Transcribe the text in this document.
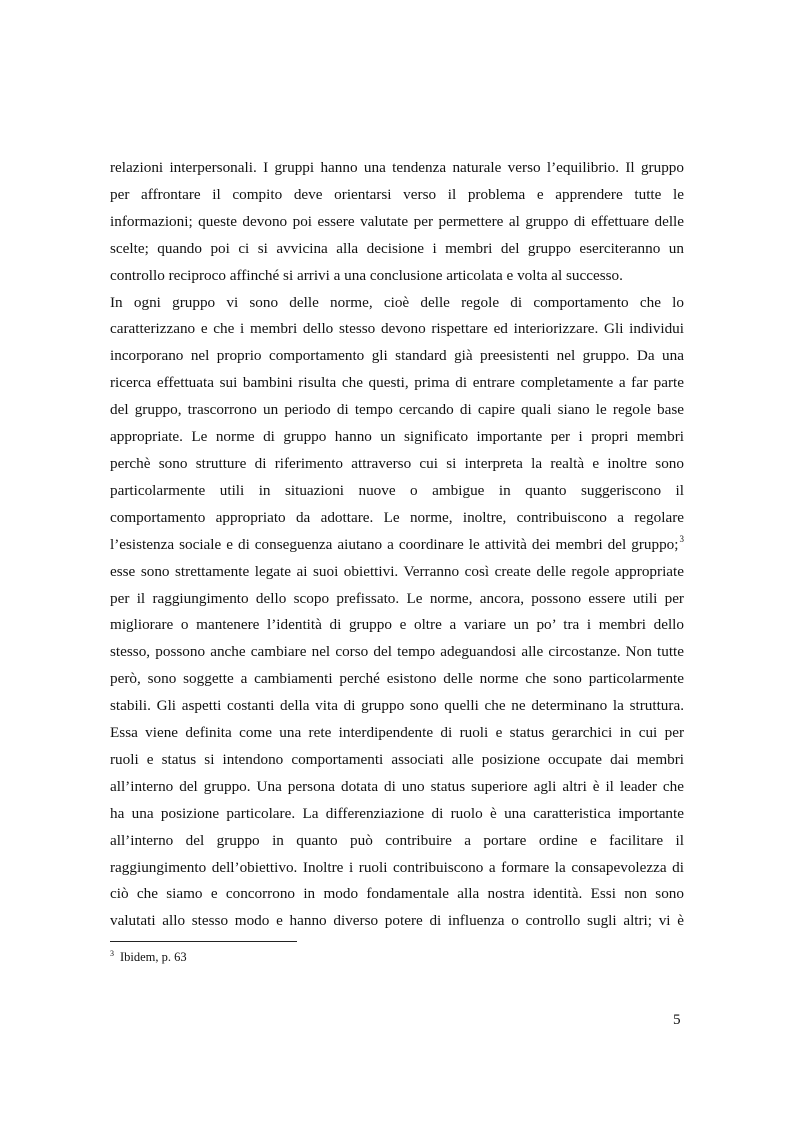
relazioni interpersonali. I gruppi hanno una tendenza naturale verso l’equilibrio. Il gruppo
per affrontare il compito deve orientarsi verso il problema e apprendere tutte le
informazioni; queste devono poi essere valutate per permettere al gruppo di effettuare delle
scelte; quando poi ci si avvicina alla decisione i membri del gruppo eserciteranno un
controllo reciproco affinché si arrivi a una conclusione articolata e volta al successo.

In ogni gruppo vi sono delle norme, cioè delle regole di comportamento che lo
caratterizzano e che i membri dello stesso devono rispettare ed interiorizzare. Gli individui
incorporano nel proprio comportamento gli standard già preesistenti nel gruppo. Da una
ricerca effettuata sui bambini risulta che questi, prima di entrare completamente a far parte
del gruppo, trascorrono un periodo di tempo cercando di capire quali siano le regole base
appropriate. Le norme di gruppo hanno un significato importante per i propri membri
perchè sono strutture di riferimento attraverso cui si interpreta la realtà e inoltre sono
particolarmente utili in situazioni nuove o ambigue in quanto suggeriscono il
comportamento appropriato da adottare. Le norme, inoltre, contribuiscono a regolare
l’esistenza sociale e di conseguenza aiutano a coordinare le attività dei membri del gruppo;$^3$
esse sono strettamente legate ai suoi obiettivi. Verranno così create delle regole appropriate
per il raggiungimento dello scopo prefissato. Le norme, ancora, possono essere utili per
migliorare o mantenere l’identità di gruppo e oltre a variare un po’ tra i membri dello
stesso, possono anche cambiare nel corso del tempo adeguandosi alle circostanze. Non tutte
però, sono soggette a cambiamenti perché esistono delle norme che sono particolarmente
stabili. Gli aspetti costanti della vita di gruppo sono quelli che ne determinano la struttura.
Essa viene definita come una rete interdipendente di ruoli e status gerarchici in cui per
ruoli e status si intendono comportamenti associati alle posizione occupate dai membri
all’interno del gruppo. Una persona dotata di uno status superiore agli altri è il leader che
ha una posizione particolare. La differenziazione di ruolo è una caratteristica importante
all’interno del gruppo in quanto può contribuire a portare ordine e facilitare il
raggiungimento dell’obiettivo. Inoltre i ruoli contribuiscono a formare la consapevolezza di
ciò che siamo e concorrono in modo fondamentale alla nostra identità. Essi non sono
valutati allo stesso modo e hanno diverso potere di influenza o controllo sugli altri; vi è

$^3$ Ibidem, p. 63
5
